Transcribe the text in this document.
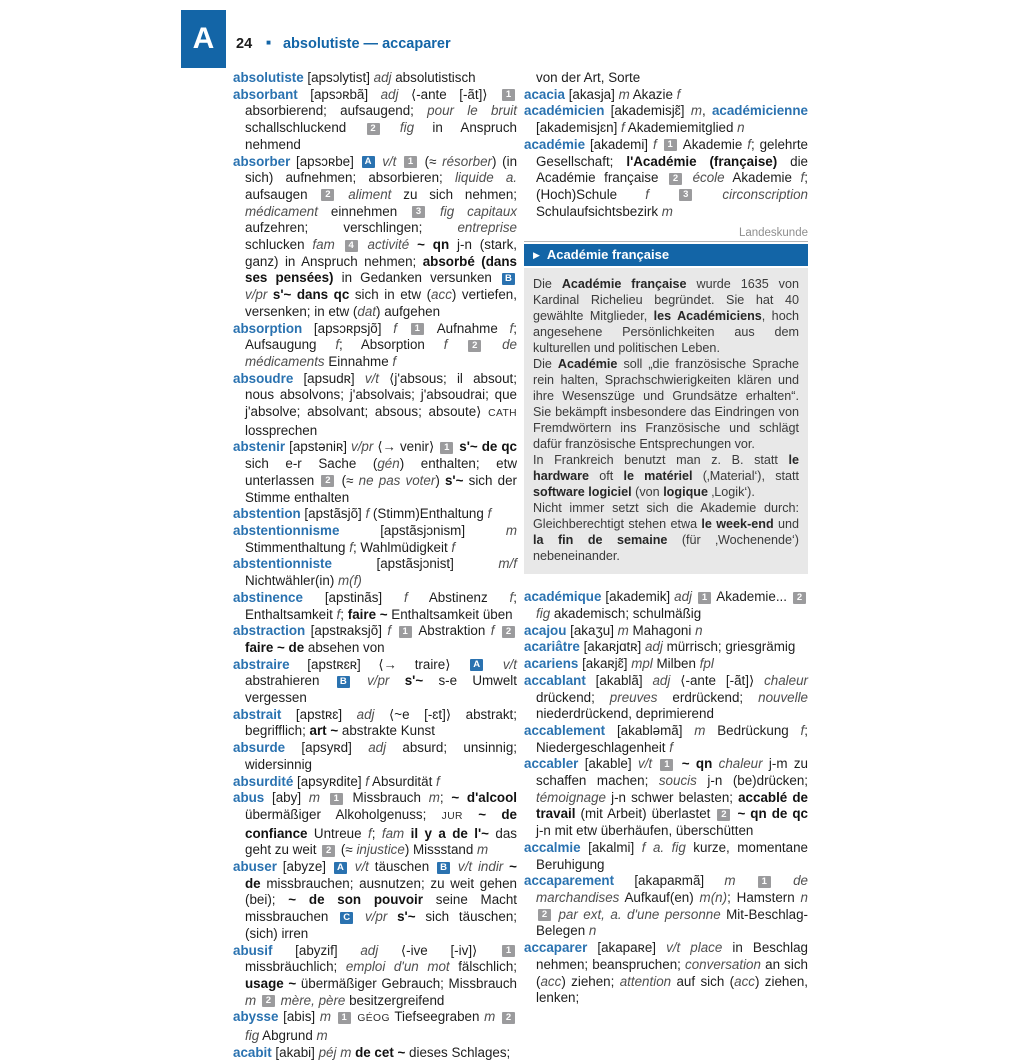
A	24 ■ absolutiste — accaparer
absolutiste [apsɔlytist] adj absolutistisch
absorbant [apsɔʀbã] adj ⟨-ante [-ãt]⟩ 1 absorbierend; aufsaugend; pour le bruit schallschluckend 2 fig in Anspruch nehmend
absorber [apsɔʀbe] A v/t 1 (≈ résorber) (in sich) aufnehmen; absorbieren; liquide a. aufsaugen 2 aliment zu sich nehmen; médicament einnehmen 3 fig capitaux aufzehren; verschlingen; entreprise schlucken fam 4 activité ~ qn j-n (stark, ganz) in Anspruch nehmen; absorbé (dans ses pensées) in Gedanken versunken B v/pr s'~ dans qc sich in etw (acc) vertiefen, versenken; in etw (dat) aufgehen
absorption [apsɔʀpsjõ] f 1 Aufnahme f; Aufsaugung f; Absorption f	2 de médicaments Einnahme f
absoudre [apsudʀ] v/t ⟨j'absous; il absout; nous absolvons; j'absolvais; j'absoudrai; que j'absolve; absolvant; absous; absoute⟩ CATH lossprechen
abstenir [apstəniʀ] v/pr ⟨→ venir⟩ 1 s'~ de qc sich e-r Sache (gén) enthalten; etw unterlassen 2 (≈ ne pas voter) s'~ sich der Stimme enthalten
abstention [apstãsjõ] f (Stimm)Enthaltung f
abstentionnisme [apstãsjɔnism] m Stimmenthaltung f; Wahlmüdigkeit f
abstentionniste [apstãsjɔnist] m/f Nichtwähler(in) m(f)
abstinence [apstinãs] f Abstinenz f; Enthaltsamkeit f; faire ~ Enthaltsamkeit üben
abstraction [apstʀaksjõ] f 1 Abstraktion f 2 faire ~ de absehen von
abstraire [apstʀɛʀ] ⟨→ traire⟩ A v/t abstrahieren B v/pr s'~ s-e Umwelt vergessen
abstrait [apstʀɛ] adj ⟨~e [-ɛt]⟩ abstrakt; begrifflich; art ~ abstrakte Kunst
absurde [apsyʀd] adj absurd; unsinnig; widersinnig
absurdité [apsyʀdite] f Absurdität f
abus [aby] m 1 Missbrauch m; ~ d'alcool übermäßiger Alkoholgenuss; JUR ~ de confiance Untreue f; fam il y a de l'~ das geht zu weit 2 (≈ injustice) Missstand m
abuser [abyze] A v/t täuschen B v/t indir ~ de missbrauchen; ausnutzen; zu weit gehen (bei); ~ de son pouvoir seine Macht missbrauchen C v/pr s'~ sich täuschen; (sich) irren
abusif [abyzif] adj ⟨-ive [-iv]⟩ 1 missbräuchlich; emploi d'un mot fälschlich; usage ~ übermäßiger Gebrauch; Missbrauch m 2 mère, père besitzergreifend
abysse [abis] m 1 GÉOG Tiefseegraben m 2 fig Abgrund m
acabit [akabi] péj m de cet ~ dieses Schlages;
von der Art, Sorte
acacia [akasja] m Akazie f
académicien [akademisjɛ̃] m, académicienne [akademisjɛn] f Akademiemitglied n
académie [akademi] f 1 Akademie f; gelehrte Gesellschaft; l'Académie (française) die Académie française 2 école Akademie f; (Hoch)Schule f	3	circonscription Schulaufsichtsbezirk m
Landeskunde
▶ Académie française

Die Académie française wurde 1635 von Kardinal Richelieu begründet. Sie hat 40 gewählte Mitglieder, les Académiciens, hoch angesehene Persönlichkeiten aus dem kulturellen und politischen Leben.

Die Académie soll „die französische Sprache rein halten, Sprachschwierigkeiten klären und ihre Wesenszüge und Grundsätze erhalten“. Sie bekämpft insbesondere das Eindringen von Fremdwörtern ins Französische und schlägt dafür französische Entsprechungen vor.

In Frankreich benutzt man z. B. statt le hardware oft le matériel (‚Material‘), statt software logiciel (von logique ‚Logik‘).

Nicht immer setzt sich die Akademie durch: Gleichberechtigt stehen etwa le week-end und la fin de semaine (für ‚Wochenende‘) nebeneinander.

académique [akademik] adj 1 Akademie... 2 fig akademisch; schulmäßig
acajou [akaʒu] m Mahagoni n
acariâtre [akaʀjɑtʀ] adj mürrisch; griesgrämig
acariens [akaʀjɛ̃] mpl Milben fpl
accablant [akablã] adj ⟨-ante [-ãt]⟩ chaleur drückend; preuves erdrückend; nouvelle niederdrückend, deprimierend
accablement [akabləmã] m Bedrückung f; Niedergeschlagenheit f
accabler [akable] v/t 1 ~ qn chaleur j-m zu schaffen machen; soucis j-n (be)drücken; témoignage j-n schwer belasten; accablé de travail (mit Arbeit) überlastet 2 ~ qn de qc j-n mit etw überhäufen, überschütten
accalmie [akalmi] f a. fig kurze, momentane Beruhigung
accaparement [akapaʀmã] m	1 de marchandises Aufkauf(en) m(n); Hamstern n 2 par ext, a. d'une personne Mit-Beschlag-Belegen n
accaparer [akapaʀe] v/t place in Beschlag nehmen; beanspruchen; conversation an sich (acc) ziehen; attention auf sich (acc) ziehen, lenken;
